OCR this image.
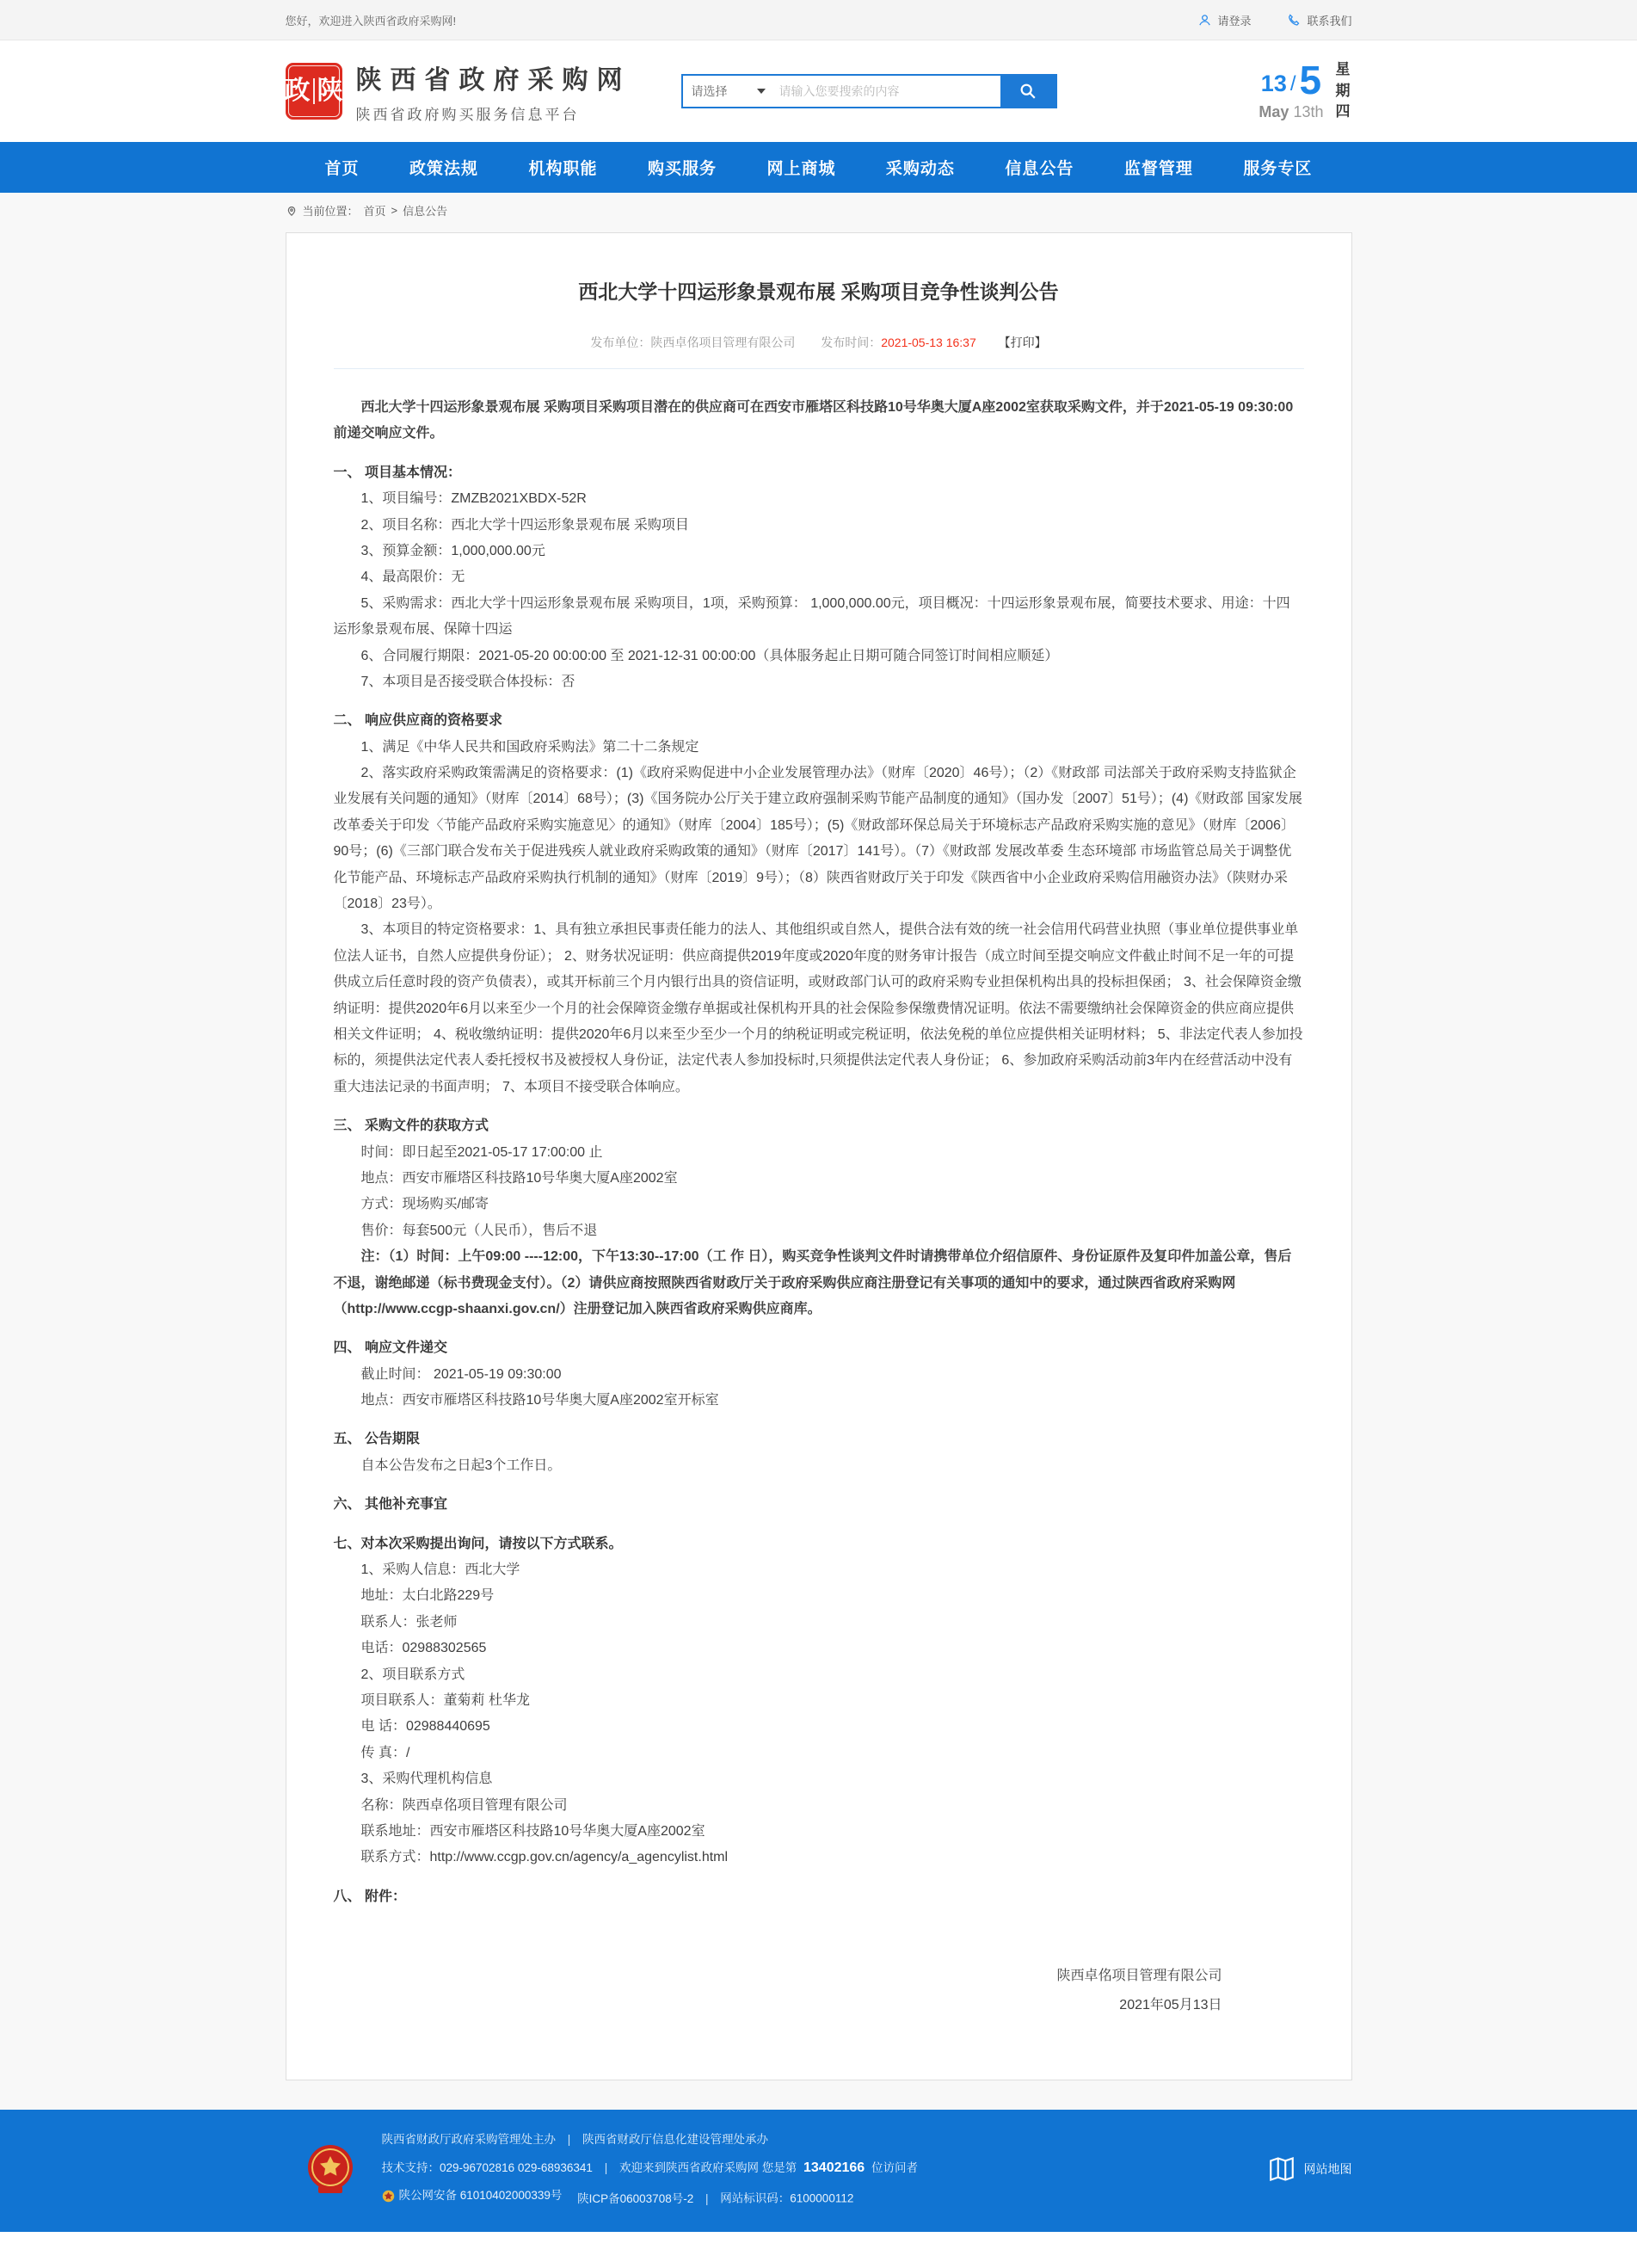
您好，欢迎进入陕西省政府采购网!	请登录	联系我们
政 陕 陕西省政府采购网
陕西省政府购买服务信息平台
请选择
请输入您要搜索的内容	13 / 5
May 13th
星期四
首页	政策法规	机构职能	购买服务	网上商城	采购动态	信息公告	监督管理	服务专区
当前位置： 首页 > 信息公告
西北大学十四运形象景观布展 采购项目竞争性谈判公告
发布单位：陕西卓佲项目管理有限公司 发布时间：2021-05-13 16:37 【打印】

西北大学十四运形象景观布展 采购项目采购项目潜在的供应商可在西安市雁塔区科技路10号华奥大厦A座2002室获取采购文件，并于2021-05-19 09:30:00前递交响应文件。

一、 项目基本情况：

1、项目编号：ZMZB2021XBDX-52R

2、项目名称：西北大学十四运形象景观布展 采购项目

3、预算金额：1,000,000.00元

4、最高限价：无

5、采购需求：西北大学十四运形象景观布展 采购项目，1项，采购预算： 1,000,000.00元，项目概况：十四运形象景观布展，简要技术要求、用途：十四运形象景观布展、保障十四运

6、合同履行期限：2021-05-20 00:00:00 至 2021-12-31 00:00:00（具体服务起止日期可随合同签订时间相应顺延）

7、本项目是否接受联合体投标：否

二、 响应供应商的资格要求

1、满足《中华人民共和国政府采购法》第二十二条规定

2、落实政府采购政策需满足的资格要求：(1)《政府采购促进中小企业发展管理办法》（财库〔2020〕46号）；（2）《财政部 司法部关于政府采购支持监狱企业发展有关问题的通知》（财库〔2014〕68号）；(3)《国务院办公厅关于建立政府强制采购节能产品制度的通知》（国办发〔2007〕51号）；(4)《财政部 国家发展改革委关于印发〈节能产品政府采购实施意见〉的通知》（财库〔2004〕185号）；(5)《财政部环保总局关于环境标志产品政府采购实施的意见》（财库〔2006〕90号；(6)《三部门联合发布关于促进残疾人就业政府采购政策的通知》（财库〔2017〕141号）。（7）《财政部 发展改革委 生态环境部 市场监管总局关于调整优化节能产品、环境标志产品政府采购执行机制的通知》（财库〔2019〕9号）；（8）陕西省财政厅关于印发《陕西省中小企业政府采购信用融资办法》（陕财办采〔2018〕23号）。

3、本项目的特定资格要求：1、具有独立承担民事责任能力的法人、其他组织或自然人，提供合法有效的统一社会信用代码营业执照（事业单位提供事业单位法人证书，自然人应提供身份证）； 2、财务状况证明：供应商提供2019年度或2020年度的财务审计报告（成立时间至提交响应文件截止时间不足一年的可提供成立后任意时段的资产负债表），或其开标前三个月内银行出具的资信证明，或财政部门认可的政府采购专业担保机构出具的投标担保函； 3、社会保障资金缴纳证明：提供2020年6月以来至少一个月的社会保障资金缴存单据或社保机构开具的社会保险参保缴费情况证明。依法不需要缴纳社会保障资金的供应商应提供相关文件证明； 4、税收缴纳证明：提供2020年6月以来至少至少一个月的纳税证明或完税证明，依法免税的单位应提供相关证明材料； 5、非法定代表人参加投标的，须提供法定代表人委托授权书及被授权人身份证，法定代表人参加投标时,只须提供法定代表人身份证； 6、参加政府采购活动前3年内在经营活动中没有重大违法记录的书面声明； 7、本项目不接受联合体响应。

三、 采购文件的获取方式

时间：即日起至2021-05-17 17:00:00 止

地点：西安市雁塔区科技路10号华奥大厦A座2002室

方式：现场购买/邮寄

售价：每套500元（人民币），售后不退

注：（1）时间：上午09:00 ----12:00，下午13:30--17:00（工 作 日），购买竞争性谈判文件时请携带单位介绍信原件、身份证原件及复印件加盖公章，售后不退，谢绝邮递（标书费现金支付）。（2）请供应商按照陕西省财政厅关于政府采购供应商注册登记有关事项的通知中的要求，通过陕西省政府采购网（http://www.ccgp-shaanxi.gov.cn/）注册登记加入陕西省政府采购供应商库。

四、 响应文件递交

截止时间： 2021-05-19 09:30:00

地点：西安市雁塔区科技路10号华奥大厦A座2002室开标室

五、 公告期限

自本公告发布之日起3个工作日。

六、 其他补充事宜

七、对本次采购提出询问，请按以下方式联系。

1、采购人信息：西北大学

地址：太白北路229号

联系人：张老师

电话：02988302565

2、项目联系方式

项目联系人：董菊莉 杜华龙

电 话：02988440695

传 真：/

3、采购代理机构信息

名称：陕西卓佲项目管理有限公司

联系地址：西安市雁塔区科技路10号华奥大厦A座2002室

联系方式：http://www.ccgp.gov.cn/agency/a_agencylist.html

八、 附件：

陕西卓佲项目管理有限公司
2021年05月13日
陕西省财政厅政府采购管理处主办 | 陕西省财政厅信息化建设管理处承办
技术支持：029-96702816 029-68936341 | 欢迎来到陕西省政府采购网 您是第 13402166 位访问者
陕公网安备 61010402000339号 陕ICP备06003708号-2 | 网站标识码：6100000112
网站地图
